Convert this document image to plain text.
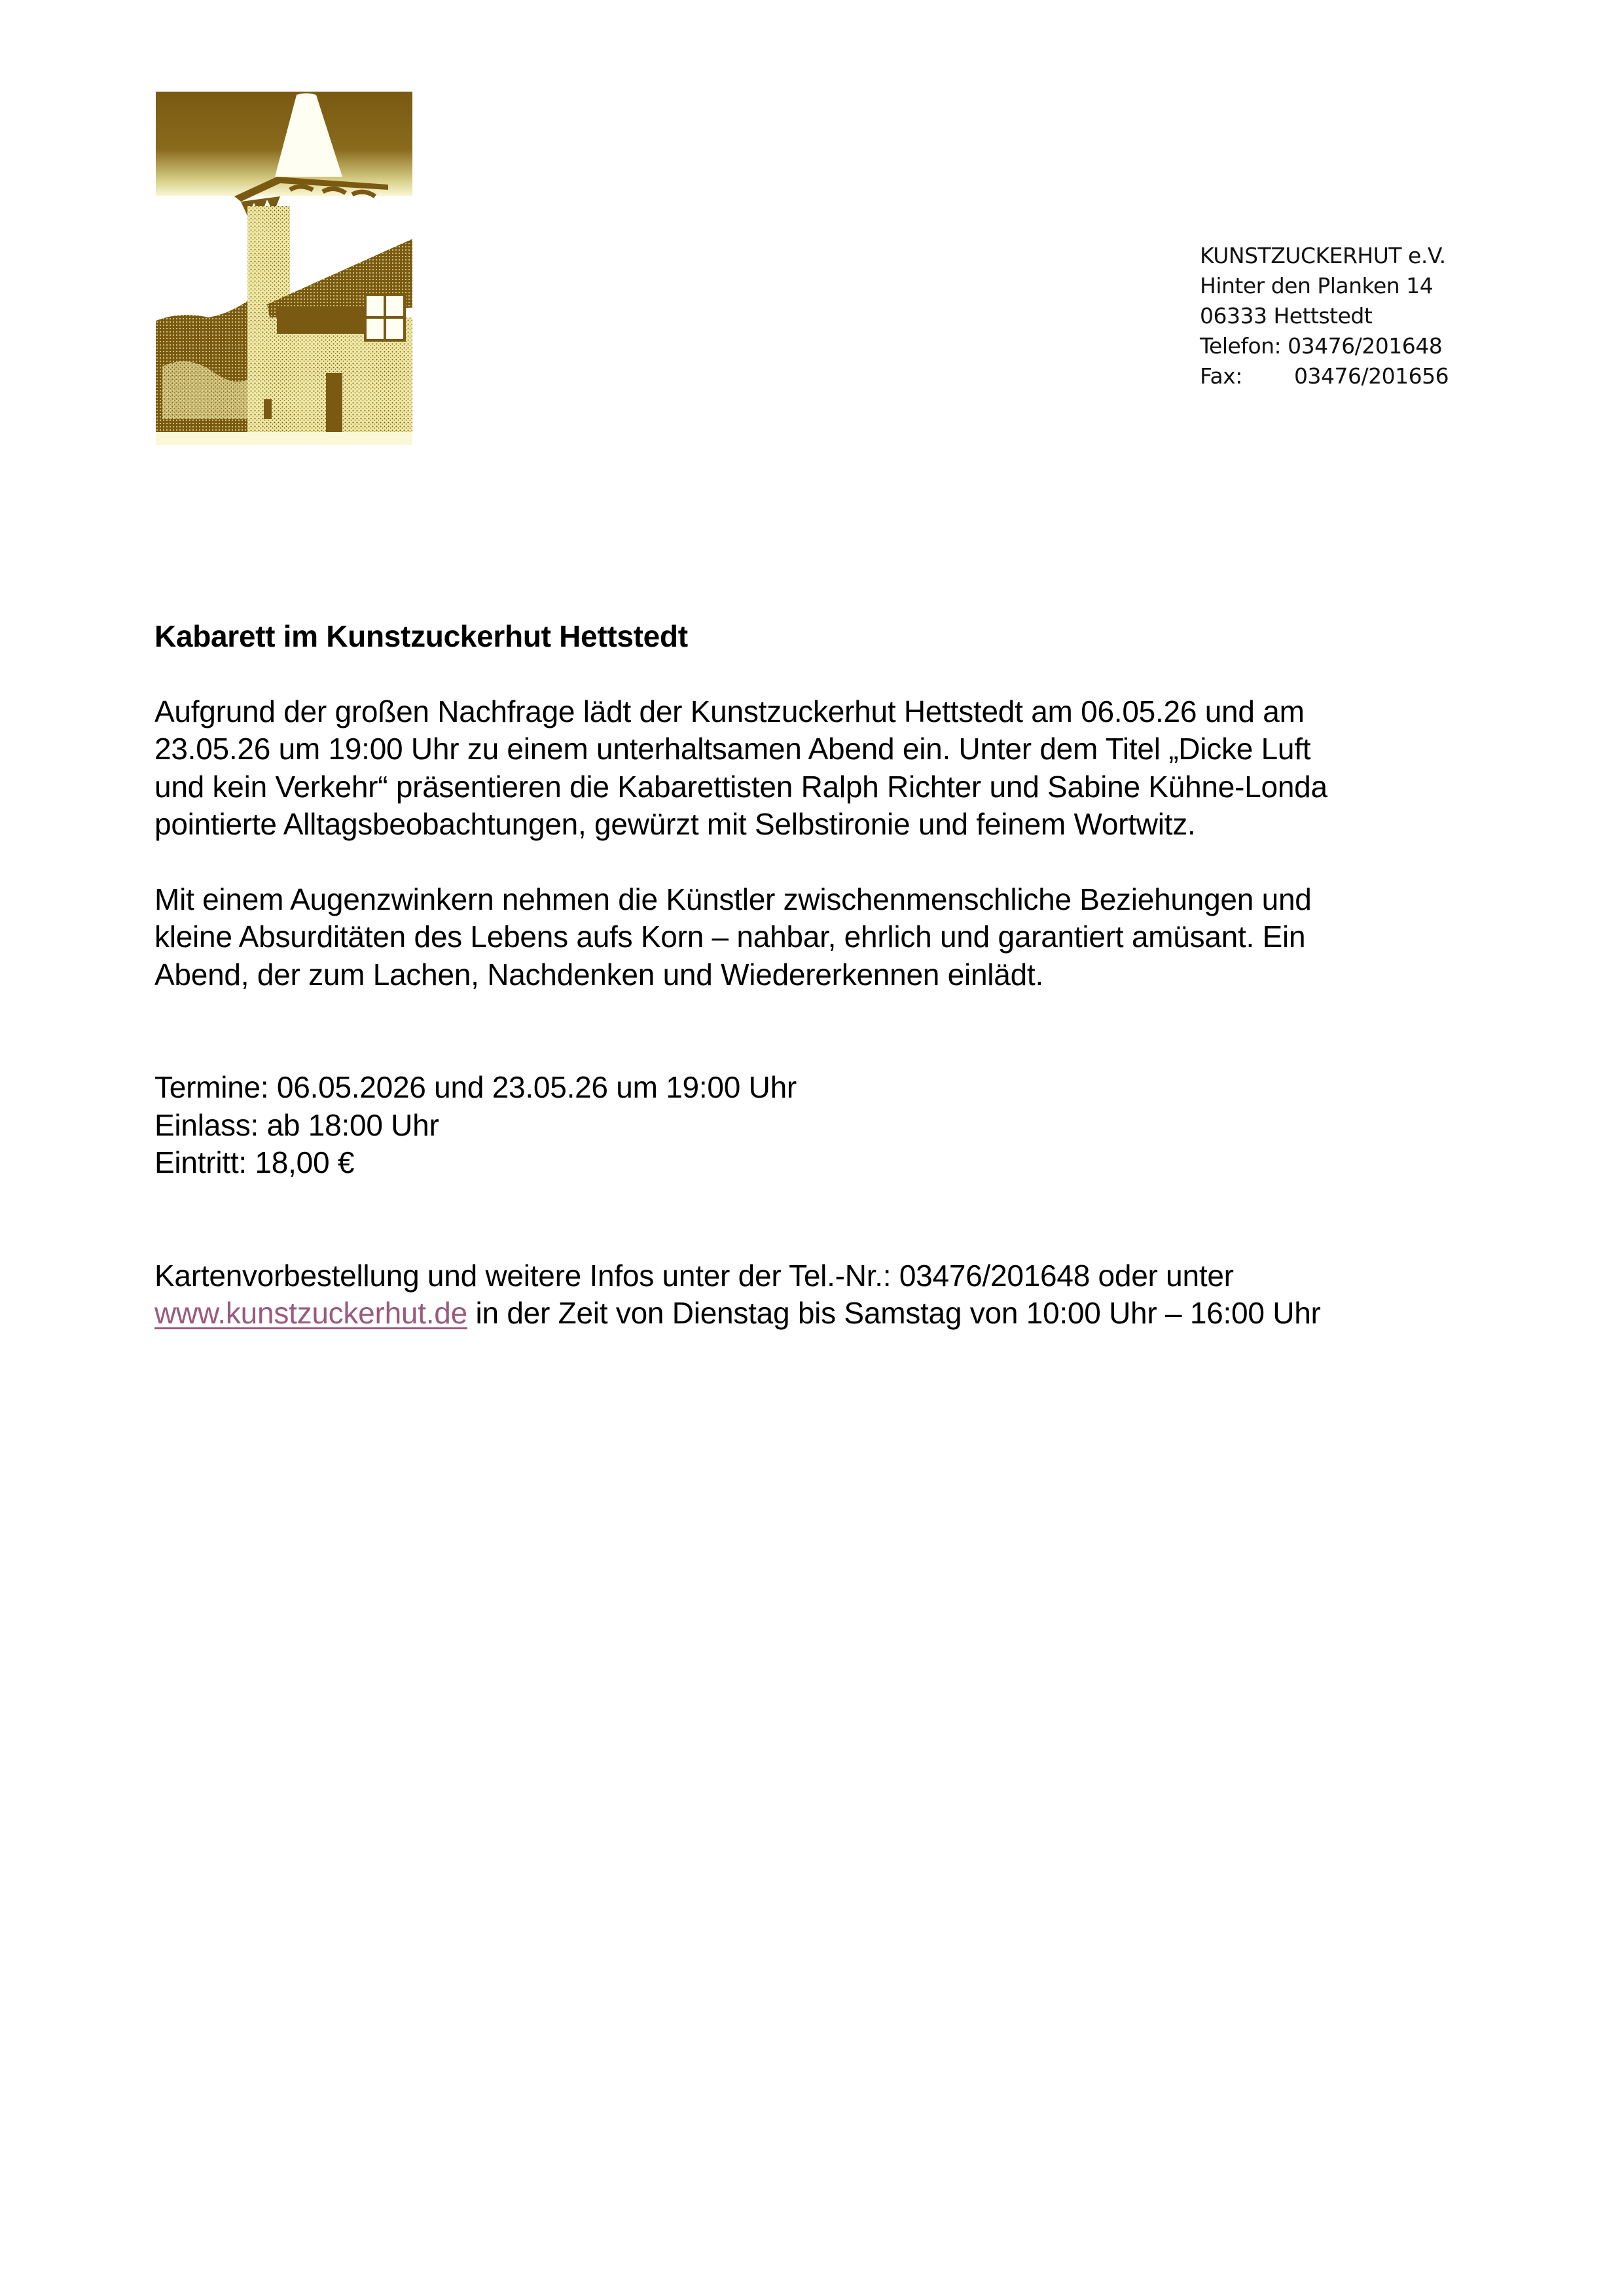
KUNSTZUCKERHUT e.V.
Hinter den Planken 14
06333 Hettstedt
Telefon: 03476/201648
Fax: 03476/201656
Kabarett im Kunstzuckerhut Hettstedt
Aufgrund der großen Nachfrage lädt der Kunstzuckerhut Hettstedt am 06.05.26 und am
23.05.26 um 19:00 Uhr zu einem unterhaltsamen Abend ein. Unter dem Titel „Dicke Luft
und kein Verkehr“ präsentieren die Kabarettisten Ralph Richter und Sabine Kühne-Londa
pointierte Alltagsbeobachtungen, gewürzt mit Selbstironie und feinem Wortwitz.
Mit einem Augenzwinkern nehmen die Künstler zwischenmenschliche Beziehungen und
kleine Absurditäten des Lebens aufs Korn – nahbar, ehrlich und garantiert amüsant. Ein
Abend, der zum Lachen, Nachdenken und Wiedererkennen einlädt.
Termine: 06.05.2026 und 23.05.26 um 19:00 Uhr
Einlass: ab 18:00 Uhr
Eintritt: 18,00 €
Kartenvorbestellung und weitere Infos unter der Tel.-Nr.: 03476/201648 oder unter
www.kunstzuckerhut.de in der Zeit von Dienstag bis Samstag von 10:00 Uhr – 16:00 Uhr
